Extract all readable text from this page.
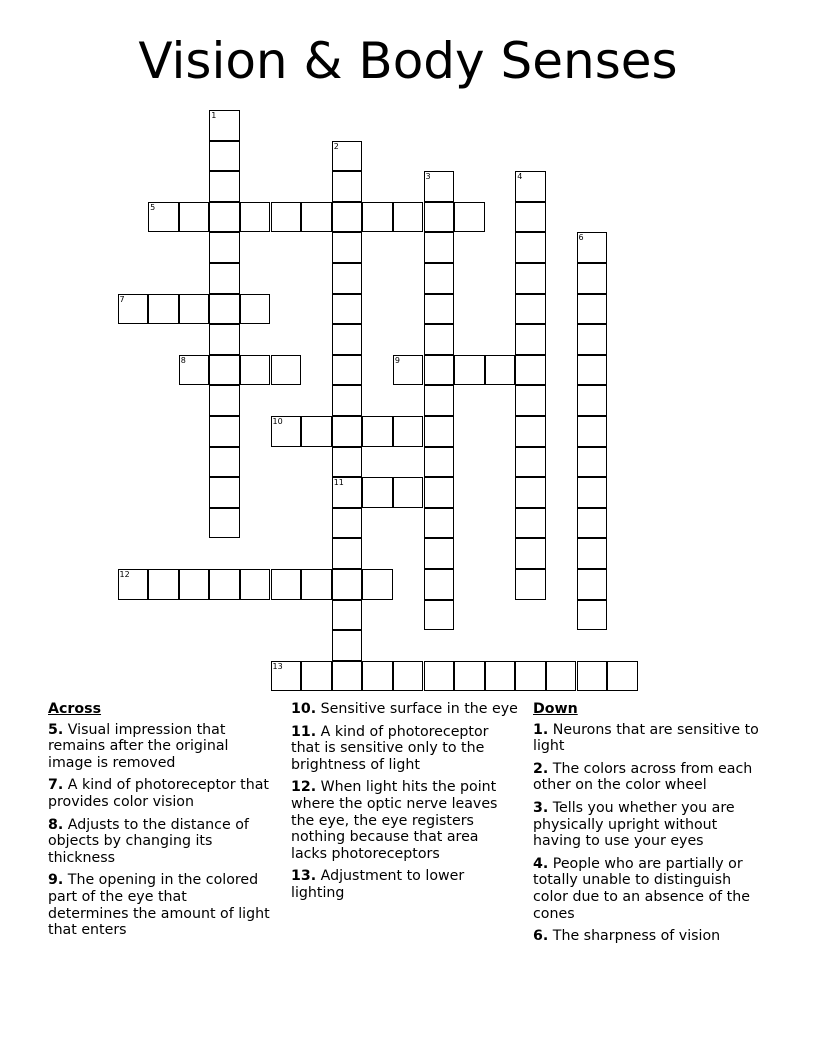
Vision & Body Senses
1
2
11
3	4
5
6
7
8	9
10
12
13
Across
5. Visual impression that remains after the original image is removed
7. A kind of photoreceptor that provides color vision
8. Adjusts to the distance of objects by changing its thickness
9. The opening in the colored part of the eye that determines the amount of light that enters
10. Sensitive surface in the eye
11. A kind of photoreceptor that is sensitive only to the brightness of light
12. When light hits the point where the optic nerve leaves the eye, the eye registers nothing because that area lacks photoreceptors
13. Adjustment to lower lighting
Down
1. Neurons that are sensitive to light
2. The colors across from each other on the color wheel
3. Tells you whether you are physically upright without having to use your eyes
4. People who are partially or totally unable to distinguish color due to an absence of the cones
6. The sharpness of vision
